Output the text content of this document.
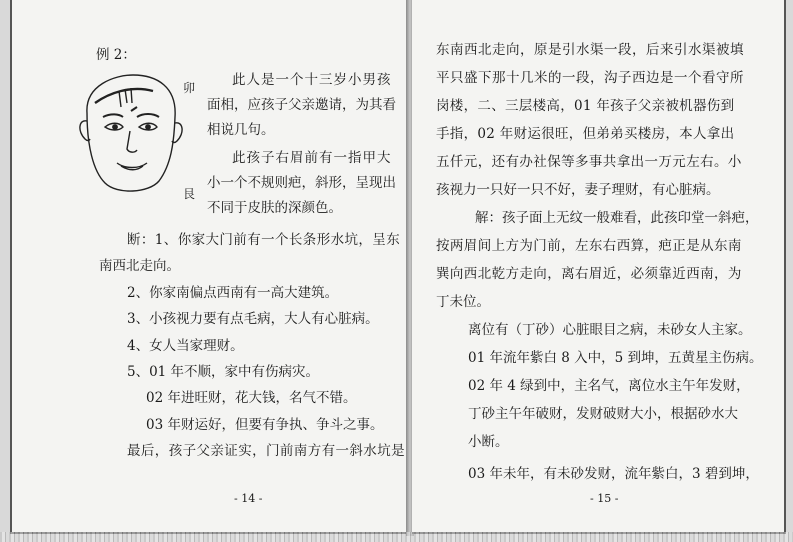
例 2：
此人是一个十三岁小男孩
面相，应孩子父亲邀请，为其看
相说几句。
此孩子右眉前有一指甲大
小一个不规则疤，斜形，呈现出
不同于皮肤的深颜色。
卯
艮
断：1、你家大门前有一个长条形水坑，呈东
南西北走向。
2、你家南偏点西南有一高大建筑。
3、小孩视力要有点毛病，大人有心脏病。
4、女人当家理财。
5、01 年不顺，家中有伤病灾。
02 年进旺财，花大钱，名气不错。
03 年财运好，但要有争执、争斗之事。
最后，孩子父亲证实，门前南方有一斜水坑是
- 14 -
东南西北走向，原是引水渠一段，后来引水渠被填
平只盛下那十几米的一段，沟子西边是一个看守所
岗楼，二、三层楼高，01 年孩子父亲被机器伤到
手指，02 年财运很旺，但弟弟买楼房，本人拿出
五仟元，还有办社保等多事共拿出一万元左右。小
孩视力一只好一只不好，妻子理财，有心脏病。
解：孩子面上无纹一般难看，此孩印堂一斜疤，
按两眉间上方为门前，左东右西算，疤正是从东南
巽向西北乾方走向，离右眉近，必须靠近西南，为
丁未位。
离位有（丁砂）心脏眼目之病，未砂女人主家。
01 年流年紫白 8 入中，5 到坤，五黄星主伤病。
02 年 4 绿到中，主名气，离位水主午年发财，
丁砂主午年破财，发财破财大小，根据砂水大
小断。
03 年未年，有未砂发财，流年紫白，3 碧到坤，
- 15 -
